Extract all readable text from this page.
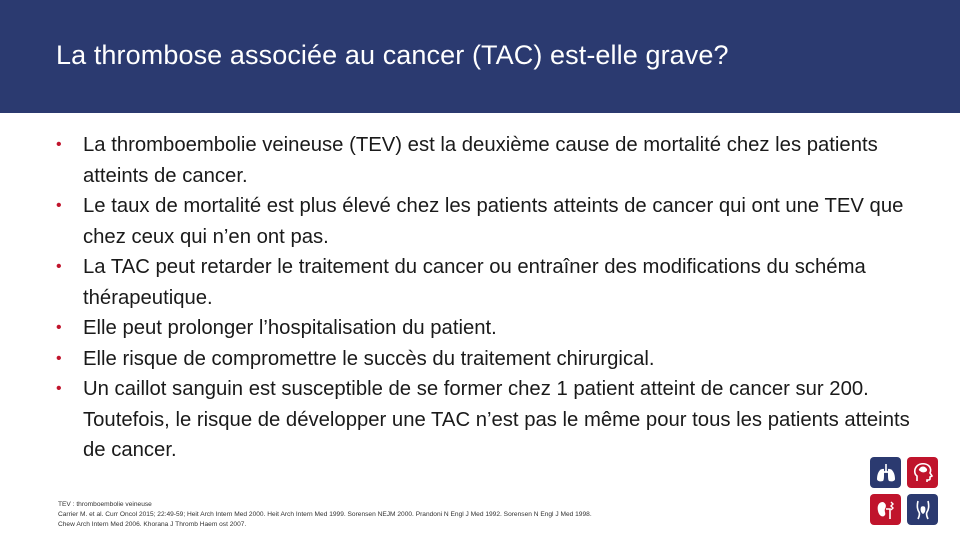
La thrombose associée au cancer (TAC) est-elle grave?
• La thromboembolie veineuse (TEV) est la deuxième cause de mortalité chez les patients atteints de cancer.
• Le taux de mortalité est plus élevé chez les patients atteints de cancer qui ont une TEV que chez ceux qui n’en ont pas.
• La TAC peut retarder le traitement du cancer ou entraîner des modifications du schéma thérapeutique.
• Elle peut prolonger l’hospitalisation du patient.
• Elle risque de compromettre le succès du traitement chirurgical.
• Un caillot sanguin est susceptible de se former chez 1 patient atteint de cancer sur 200. Toutefois, le risque de développer une TAC n’est pas le même pour tous les patients atteints de cancer.
TEV : thromboembolie veineuse
Carrier M. et al. Curr Oncol 2015; 22:49-59; Heit Arch Intern Med 2000. Heit Arch Intern Med 1999. Sorensen NEJM 2000. Prandoni N Engl J Med 1992. Sorensen N Engl J Med 1998.
Chew Arch Intern Med 2006. Khorana J Thromb Haem ost 2007.
